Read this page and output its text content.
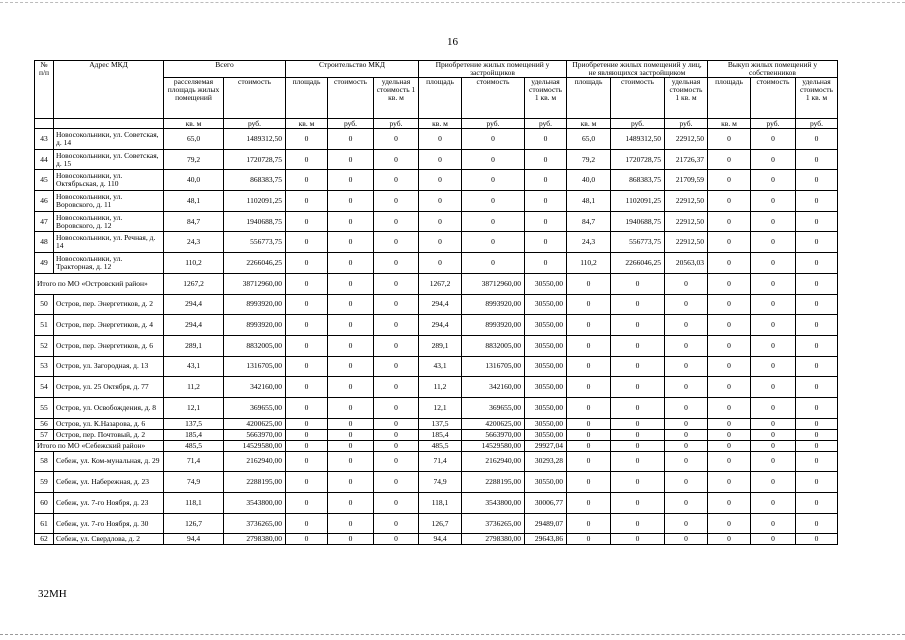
16
№ п/п	Адрес МКД	Всего		Строительство МКД			Приобретение жилых помещений у застройщиков			Приобретение жилых помещений у лиц, не являющихся застройщиком			Выкуп жилых помещений у собственников		
		расселяемая площадь жилых помещений	стоимость	площадь	стоимость	удельная стоимость 1 кв. м	площадь	стоимость	удельная стоимость 1 кв. м	площадь	стоимость	удельная стоимость 1 кв. м	площадь	стоимость	удельная стоимость 1 кв. м
		кв. м	руб.	кв. м	руб.	руб.	кв. м	руб.	руб.	кв. м	руб.	руб.	кв. м	руб.	руб.
43	Новосокольники, ул. Советская, д. 14	65,0	1489312,50	0	0	0	0	0	0	65,0	1489312,50	22912,50	0	0	0
44	Новосокольники, ул. Советская, д. 15	79,2	1720728,75	0	0	0	0	0	0	79,2	1720728,75	21726,37	0	0	0
45	Новосокольники, ул. Октябрьская, д. 110	40,0	868383,75	0	0	0	0	0	0	40,0	868383,75	21709,59	0	0	0
46	Новосокольники, ул. Воровского, д. 11	48,1	1102091,25	0	0	0	0	0	0	48,1	1102091,25	22912,50	0	0	0
47	Новосокольники, ул. Воровского, д. 12	84,7	1940688,75	0	0	0	0	0	0	84,7	1940688,75	22912,50	0	0	0
48	Новосокольники, ул. Речная, д. 14	24,3	556773,75	0	0	0	0	0	0	24,3	556773,75	22912,50	0	0	0
49	Новосокольники, ул. Тракторная, д. 12	110,2	2266046,25	0	0	0	0	0	0	110,2	2266046,25	20563,03	0	0	0
Итого по МО «Островский район»		1267,2	38712960,00	0	0	0	1267,2	38712960,00	30550,00	0	0	0	0	0	0
50	Остров, пер. Энергетиков, д. 2	294,4	8993920,00	0	0	0	294,4	8993920,00	30550,00	0	0	0	0	0	0
51	Остров, пер. Энергетиков, д. 4	294,4	8993920,00	0	0	0	294,4	8993920,00	30550,00	0	0	0	0	0	0
52	Остров, пер. Энергетиков, д. 6	289,1	8832005,00	0	0	0	289,1	8832005,00	30550,00	0	0	0	0	0	0
53	Остров, ул. Загородная, д. 13	43,1	1316705,00	0	0	0	43,1	1316705,00	30550,00	0	0	0	0	0	0
54	Остров, ул. 25 Октября, д. 77	11,2	342160,00	0	0	0	11,2	342160,00	30550,00	0	0	0	0	0	0
55	Остров, ул. Освобождения, д. 8	12,1	369655,00	0	0	0	12,1	369655,00	30550,00	0	0	0	0	0	0
56	Остров, ул. К.Назаровa, д. 6	137,5	4200625,00	0	0	0	137,5	4200625,00	30550,00	0	0	0	0	0	0
57	Остров, пер. Почтовый, д. 2	185,4	5663970,00	0	0	0	185,4	5663970,00	30550,00	0	0	0	0	0	0
Итого по МО «Себежский район»		485,5	14529580,00	0	0	0	485,5	14529580,00	29927,04	0	0	0	0	0	0
58	Себеж, ул. Ком-мунальная, д. 29	71,4	2162940,00	0	0	0	71,4	2162940,00	30293,28	0	0	0	0	0	0
59	Себеж, ул. Набережная, д. 23	74,9	2288195,00	0	0	0	74,9	2288195,00	30550,00	0	0	0	0	0	0
60	Себеж, ул. 7-го Ноября, д. 23	118,1	3543800,00	0	0	0	118,1	3543800,00	30006,77	0	0	0	0	0	0
61	Себеж, ул. 7-го Ноября, д. 30	126,7	3736265,00	0	0	0	126,7	3736265,00	29489,07	0	0	0	0	0	0
62	Себеж, ул. Свердлова, д. 2	94,4	2798380,00	0	0	0	94,4	2798380,00	29643,86	0	0	0	0	0	0
32МН
